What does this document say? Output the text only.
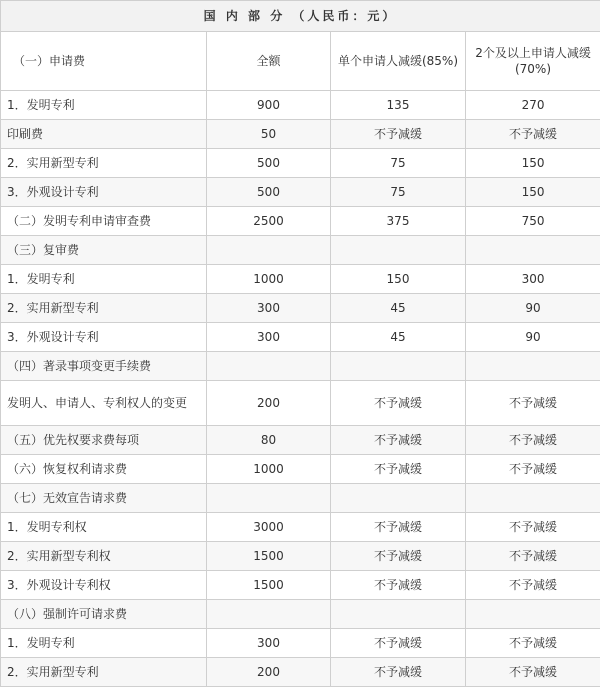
国 内 部 分 （人民币：元）			
（一）申请费	全额	单个申请人减缓(85%)	2个及以上申请人减缓(70%)
1．发明专利	900	135	270
印刷费	50	不予减缓	不予减缓
2．实用新型专利	500	75	150
3．外观设计专利	500	75	150
（二）发明专利申请审查费	2500	375	750
（三）复审费			
1．发明专利	1000	150	300
2．实用新型专利	300	45	90
3．外观设计专利	300	45	90
（四）著录事项变更手续费			
发明人、申请人、专利权人的变更	200	不予减缓	不予减缓
（五）优先权要求费每项	80	不予减缓	不予减缓
（六）恢复权利请求费	1000	不予减缓	不予减缓
（七）无效宣告请求费			
1．发明专利权	3000	不予减缓	不予减缓
2．实用新型专利权	1500	不予减缓	不予减缓
3．外观设计专利权	1500	不予减缓	不予减缓
（八）强制许可请求费			
1．发明专利	300	不予减缓	不予减缓
2．实用新型专利	200	不予减缓	不予减缓
